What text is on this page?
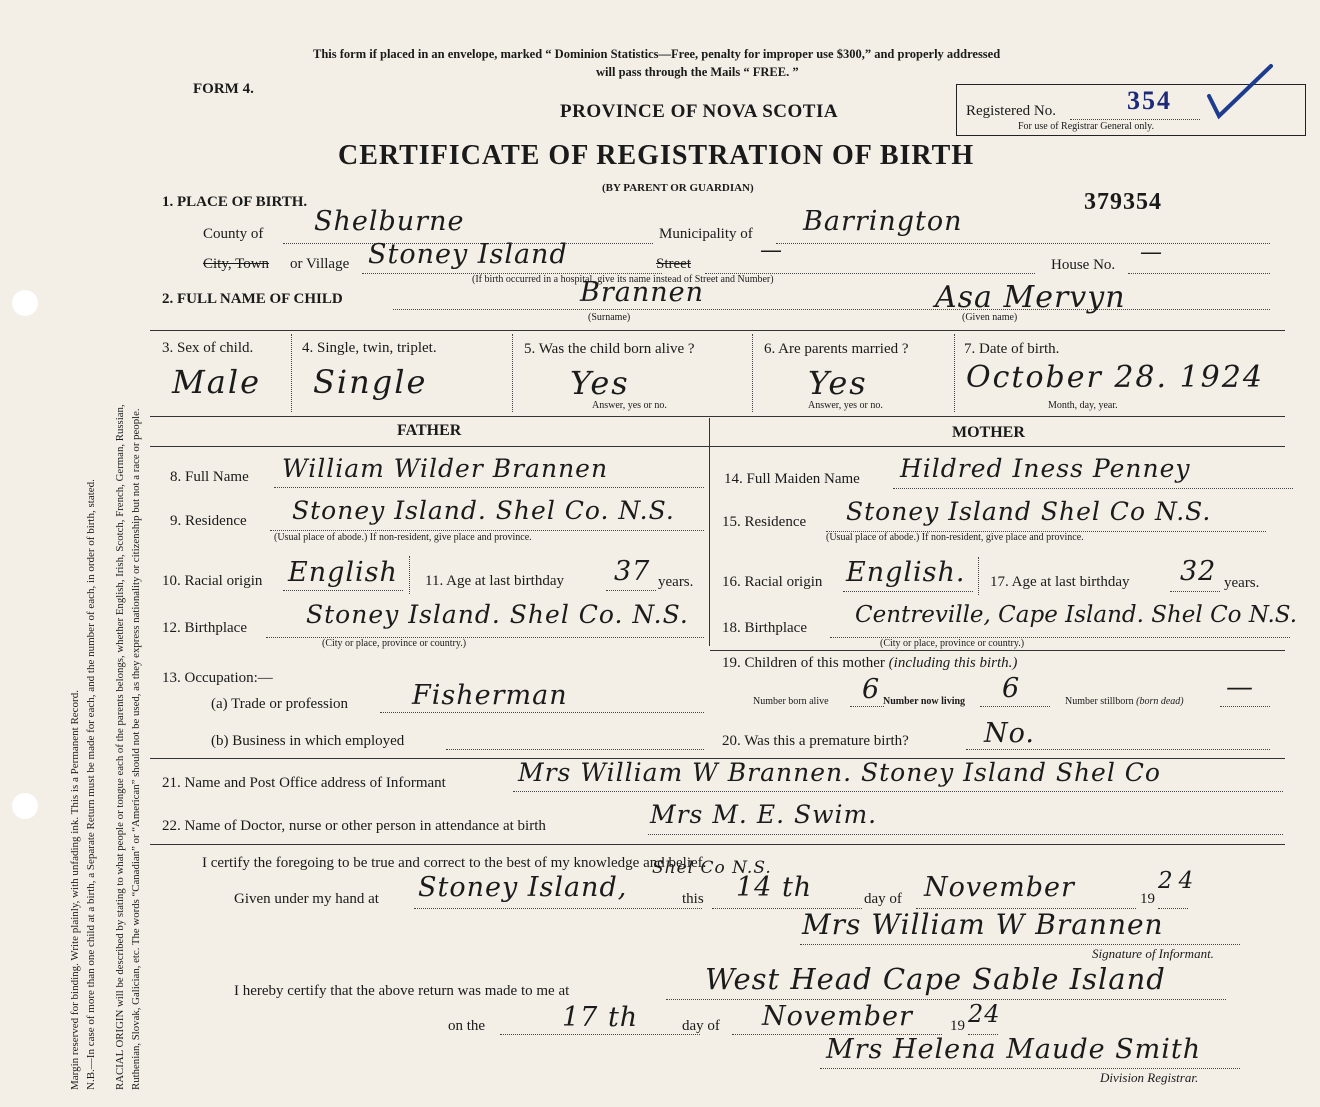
Margin reserved for binding. Write plainly, with unfading ink. This is a Permanent Record. N.B.—In case of more than one child at a birth, a Separate Return must be made for each, and the number of each, in order of birth, stated. RACIAL ORIGIN will be described by stating to what people or tongue each of the parents belongs, whether English, Irish, Scotch, French, German, Russian, Ruthenian, Slovak, Galician, etc. The words “Canadian” or “American” should not be used, as they express nationality or citizenship but not a race or people.
This form if placed in an envelope, marked “ Dominion Statistics—Free, penalty for improper use $300,” and properly addressed
will pass through the Mails “ FREE. ”
FORM 4.
PROVINCE OF NOVA SCOTIA	Registered No.	354
For use of Registrar General only.
CERTIFICATE OF REGISTRATION OF BIRTH
(BY PARENT OR GUARDIAN)
379354
1. PLACE OF BIRTH.
County of Shelburne	Municipality of Barrington
City, Town or Village Stoney Island	Street
—
House No. —
(If birth occurred in a hospital, give its name instead of Street and Number)
2. FULL NAME OF CHILD	Brannen	Asa Mervyn
(Surname)	(Given name)
3. Sex of child.
Male
4. Single, twin, triplet.
Single
5. Was the child born alive ?
Yes
Answer, yes or no.
6. Are parents married ?
Yes
Answer, yes or no.
7. Date of birth.
October 28. 1924
Month, day, year.
FATHER	MOTHER
8. Full Name William Wilder Brannen
9. Residence Stoney Island. Shel Co. N.S.
(Usual place of abode.) If non-resident, give place and province.
10. Racial origin English 11. Age at last birthday 37 years.
12. Birthplace Stoney Island. Shel Co. N.S.
(City or place, province or country.)
14. Full Maiden Name Hildred Iness Penney
15. Residence Stoney Island Shel Co N.S.
(Usual place of abode.) If non-resident, give place and province.
16. Racial origin English. 17. Age at last birthday 32 years.
18. Birthplace Centreville, Cape Island. Shel Co N.S.
(City or place, province or country.)
19. Children of this mother (including this birth.)
Number born alive 6 Number now living 6	Number stillborn (born dead) —
13. Occupation:—
(a) Trade or profession Fisherman
(b) Business in which employed	20. Was this a premature birth?	No.
21. Name and Post Office address of Informant	Mrs William W Brannen. Stoney Island Shel Co
22. Name of Doctor, nurse or other person in attendance at birth	Mrs M. E. Swim.
I certify the foregoing to be true and correct to the best of my knowledge and belief.
Given under my hand at Stoney Island,
Shel Co N.S.
this 14 th	day of November	19
24
Mrs William W Brannen
Signature of Informant.
I hereby certify that the above return was made to me at	West Head Cape Sable Island
on the	17 th	day of November 19 24
Mrs Helena Maude Smith
Division Registrar.
